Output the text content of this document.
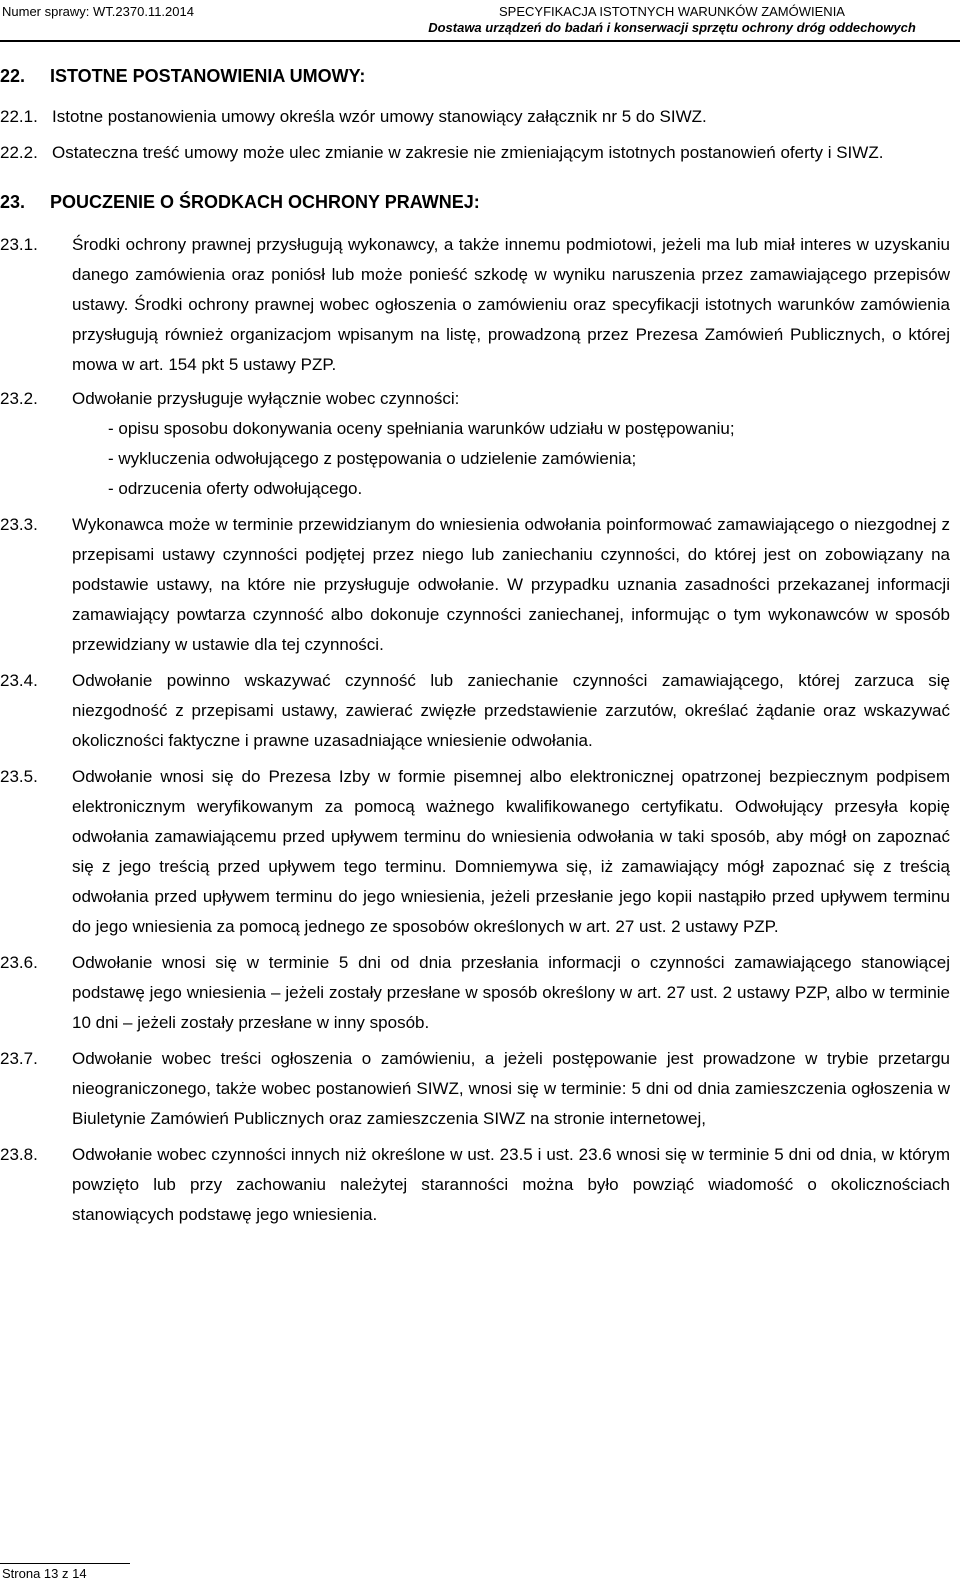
Numer sprawy: WT.2370.11.2014	SPECYFIKACJA ISTOTNYCH WARUNKÓW ZAMÓWIENIA
Dostawa urządzeń do badań i konserwacji sprzętu ochrony dróg oddechowych
22.	ISTOTNE POSTANOWIENIA UMOWY:
22.1. Istotne postanowienia umowy określa wzór umowy stanowiący załącznik nr 5 do SIWZ.
22.2. Ostateczna treść umowy może ulec zmianie w zakresie nie zmieniającym istotnych postanowień oferty i SIWZ.
23.	POUCZENIE O ŚRODKACH OCHRONY PRAWNEJ:
23.1.	Środki ochrony prawnej przysługują wykonawcy, a także innemu podmiotowi, jeżeli ma lub miał interes w uzyskaniu danego zamówienia oraz poniósł lub może ponieść szkodę w wyniku naruszenia przez zamawiającego przepisów ustawy. Środki ochrony prawnej wobec ogłoszenia o zamówieniu oraz specyfikacji istotnych warunków zamówienia przysługują również organizacjom wpisanym na listę, prowadzoną przez Prezesa Zamówień Publicznych, o której mowa w art. 154 pkt 5 ustawy PZP.
23.2.	Odwołanie przysługuje wyłącznie wobec czynności:
- opisu sposobu dokonywania oceny spełniania warunków udziału w postępowaniu;
- wykluczenia odwołującego z postępowania o udzielenie zamówienia;
- odrzucenia oferty odwołującego.
23.3.	Wykonawca może w terminie przewidzianym do wniesienia odwołania poinformować zamawiającego o niezgodnej z przepisami ustawy czynności podjętej przez niego lub zaniechaniu czynności, do której jest on zobowiązany na podstawie ustawy, na które nie przysługuje odwołanie. W przypadku uznania zasadności przekazanej informacji zamawiający powtarza czynność albo dokonuje czynności zaniechanej, informując o tym wykonawców w sposób przewidziany w ustawie dla tej czynności.
23.4.	Odwołanie powinno wskazywać czynność lub zaniechanie czynności zamawiającego, której zarzuca się niezgodność z przepisami ustawy, zawierać zwięzłe przedstawienie zarzutów, określać żądanie oraz wskazywać okoliczności faktyczne i prawne uzasadniające wniesienie odwołania.
23.5.	Odwołanie wnosi się do Prezesa Izby w formie pisemnej albo elektronicznej opatrzonej bezpiecznym podpisem elektronicznym weryfikowanym za pomocą ważnego kwalifikowanego certyfikatu. Odwołujący przesyła kopię odwołania zamawiającemu przed upływem terminu do wniesienia odwołania w taki sposób, aby mógł on zapoznać się z jego treścią przed upływem tego terminu. Domniemywa się, iż zamawiający mógł zapoznać się z treścią odwołania przed upływem terminu do jego wniesienia, jeżeli przesłanie jego kopii nastąpiło przed upływem terminu do jego wniesienia za pomocą jednego ze sposobów określonych w art. 27 ust. 2 ustawy PZP.
23.6.	Odwołanie wnosi się w terminie 5 dni od dnia przesłania informacji o czynności zamawiającego stanowiącej podstawę jego wniesienia – jeżeli zostały przesłane w sposób określony w art. 27 ust. 2 ustawy PZP, albo w terminie 10 dni – jeżeli zostały przesłane w inny sposób.
23.7.	Odwołanie wobec treści ogłoszenia o zamówieniu, a jeżeli postępowanie jest prowadzone w trybie przetargu nieograniczonego, także wobec postanowień SIWZ, wnosi się w terminie: 5 dni od dnia zamieszczenia ogłoszenia w Biuletynie Zamówień Publicznych oraz zamieszczenia SIWZ na stronie internetowej,
23.8.	Odwołanie wobec czynności innych niż określone w ust. 23.5 i ust. 23.6 wnosi się w terminie 5 dni od dnia, w którym powzięto lub przy zachowaniu należytej staranności można było powziąć wiadomość o okolicznościach stanowiących podstawę jego wniesienia.
Strona 13 z 14
